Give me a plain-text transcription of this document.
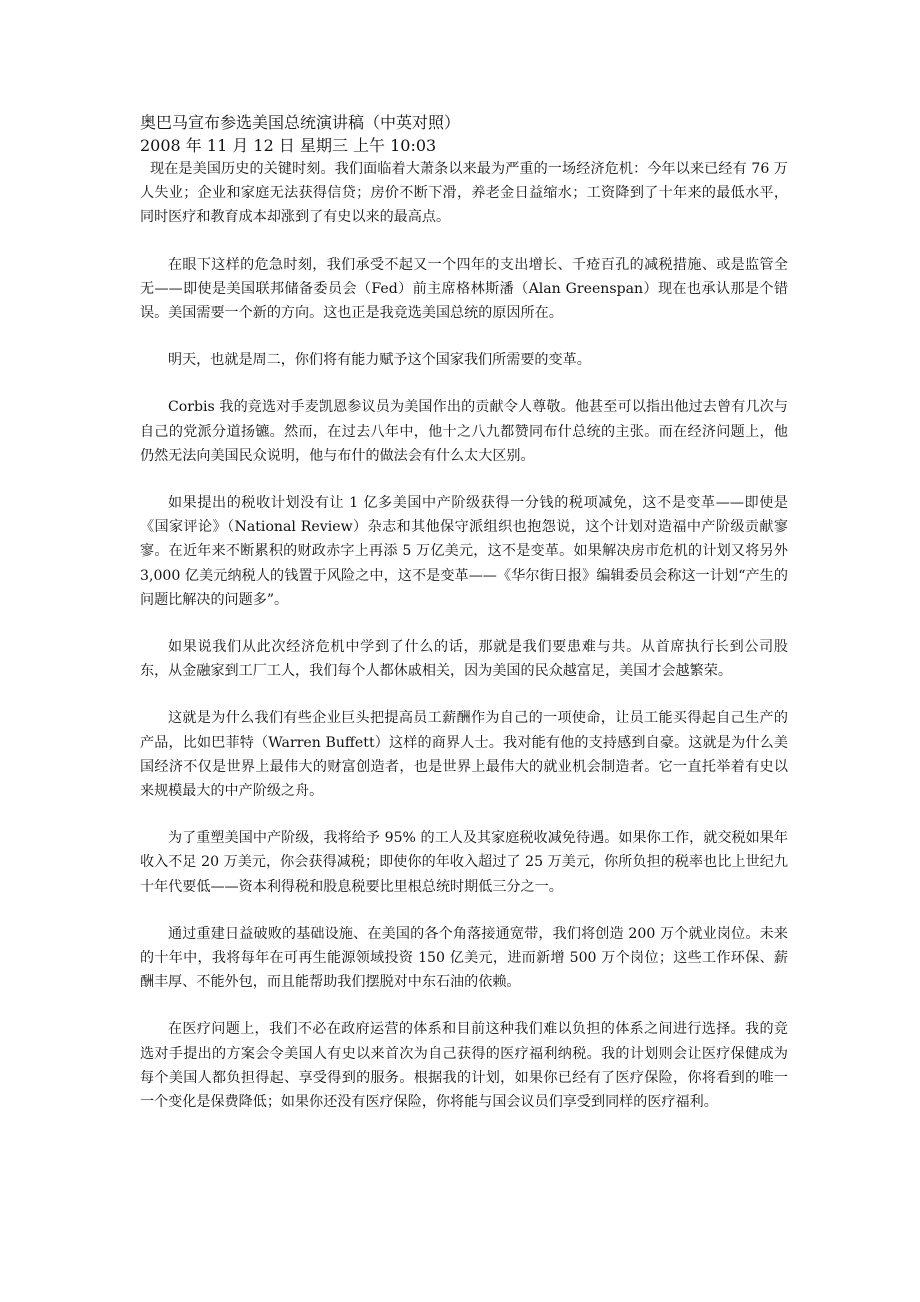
奥巴马宣布参选美国总统演讲稿（中英对照）

2008 年 11 月 12 日 星期三 上午 10:03

现在是美国历史的关键时刻。我们面临着大萧条以来最为严重的一场经济危机：今年以来已经有 76 万人失业；企业和家庭无法获得信贷；房价不断下滑，养老金日益缩水；工资降到了十年来的最低水平，同时医疗和教育成本却涨到了有史以来的最高点。

在眼下这样的危急时刻，我们承受不起又一个四年的支出增长、千疮百孔的减税措施、或是监管全无——即使是美国联邦储备委员会（Fed）前主席格林斯潘（Alan Greenspan）现在也承认那是个错误。美国需要一个新的方向。这也正是我竞选美国总统的原因所在。

明天，也就是周二，你们将有能力赋予这个国家我们所需要的变革。

Corbis 我的竞选对手麦凯恩参议员为美国作出的贡献令人尊敬。他甚至可以指出他过去曾有几次与自己的党派分道扬镳。然而，在过去八年中，他十之八九都赞同布什总统的主张。而在经济问题上，他仍然无法向美国民众说明，他与布什的做法会有什么太大区别。

如果提出的税收计划没有让 1 亿多美国中产阶级获得一分钱的税项减免，这不是变革——即使是《国家评论》（National Review）杂志和其他保守派组织也抱怨说，这个计划对造福中产阶级贡献寥寥。在近年来不断累积的财政赤字上再添 5 万亿美元，这不是变革。如果解决房市危机的计划又将另外 3,000 亿美元纳税人的钱置于风险之中，这不是变革——《华尔街日报》编辑委员会称这一计划“产生的问题比解决的问题多”。

如果说我们从此次经济危机中学到了什么的话，那就是我们要患难与共。从首席执行长到公司股东，从金融家到工厂工人，我们每个人都休戚相关，因为美国的民众越富足，美国才会越繁荣。

这就是为什么我们有些企业巨头把提高员工薪酬作为自己的一项使命，让员工能买得起自己生产的产品，比如巴菲特（Warren Buffett）这样的商界人士。我对能有他的支持感到自豪。这就是为什么美国经济不仅是世界上最伟大的财富创造者，也是世界上最伟大的就业机会制造者。它一直托举着有史以来规模最大的中产阶级之舟。

为了重塑美国中产阶级，我将给予 95% 的工人及其家庭税收减免待遇。如果你工作，就交税如果年收入不足 20 万美元，你会获得减税；即使你的年收入超过了 25 万美元，你所负担的税率也比上世纪九十年代要低——资本利得税和股息税要比里根总统时期低三分之一。

通过重建日益破败的基础设施、在美国的各个角落接通宽带，我们将创造 200 万个就业岗位。未来的十年中，我将每年在可再生能源领域投资 150 亿美元，进而新增 500 万个岗位；这些工作环保、薪酬丰厚、不能外包，而且能帮助我们摆脱对中东石油的依赖。

在医疗问题上，我们不必在政府运营的体系和目前这种我们难以负担的体系之间进行选择。我的竞选对手提出的方案会令美国人有史以来首次为自己获得的医疗福利纳税。我的计划则会让医疗保健成为每个美国人都负担得起、享受得到的服务。根据我的计划，如果你已经有了医疗保险，你将看到的唯一一个变化是保费降低；如果你还没有医疗保险，你将能与国会议员们享受到同样的医疗福利。
